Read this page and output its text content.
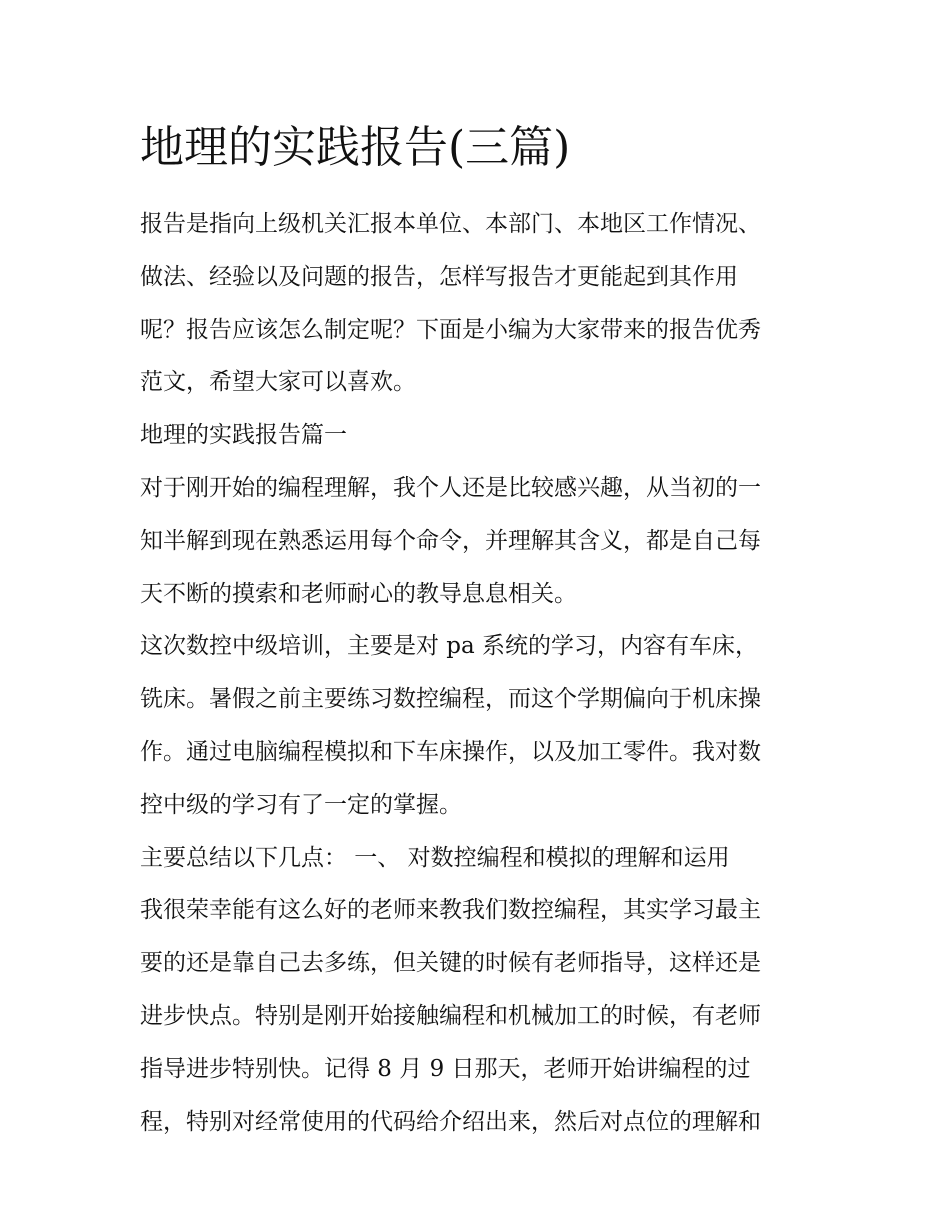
地理的实践报告(三篇)
报告是指向上级机关汇报本单位、本部门、本地区工作情况、
做法、经验以及问题的报告，怎样写报告才更能起到其作用
呢？报告应该怎么制定呢？下面是小编为大家带来的报告优秀
范文，希望大家可以喜欢。
地理的实践报告篇一
对于刚开始的编程理解，我个人还是比较感兴趣，从当初的一
知半解到现在熟悉运用每个命令，并理解其含义，都是自己每
天不断的摸索和老师耐心的教导息息相关。
这次数控中级培训，主要是对 pa 系统的学习，内容有车床，
铣床。暑假之前主要练习数控编程，而这个学期偏向于机床操
作。通过电脑编程模拟和下车床操作，以及加工零件。我对数
控中级的学习有了一定的掌握。
主要总结以下几点： 一、 对数控编程和模拟的理解和运用
我很荣幸能有这么好的老师来教我们数控编程，其实学习最主
要的还是靠自己去多练，但关键的时候有老师指导，这样还是
进步快点。特别是刚开始接触编程和机械加工的时候，有老师
指导进步特别快。记得 8 月 9 日那天，老师开始讲编程的过
程，特别对经常使用的代码给介绍出来，然后对点位的理解和
